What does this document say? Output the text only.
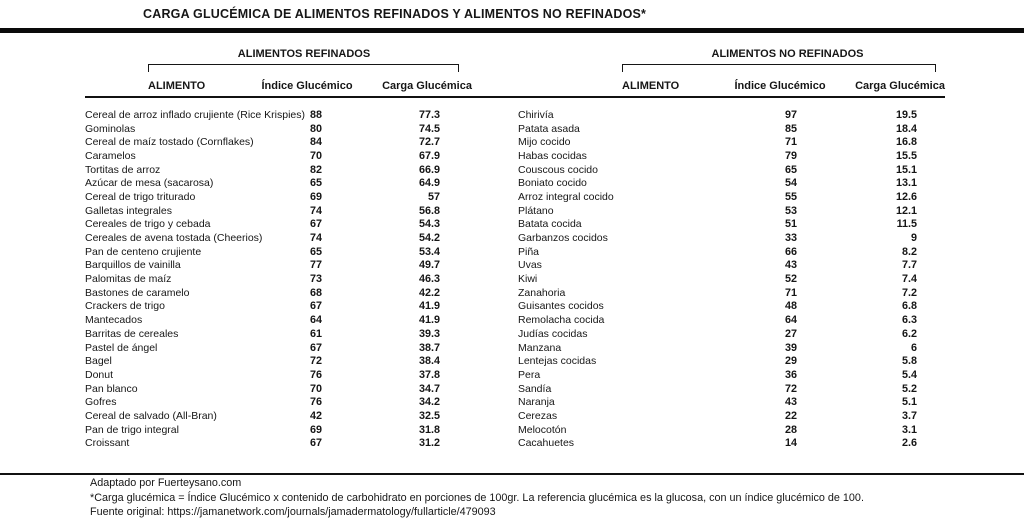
CARGA GLUCÉMICA DE ALIMENTOS REFINADOS Y ALIMENTOS NO REFINADOS*
ALIMENTOS REFINADOS	ALIMENTOS NO REFINADOS
ALIMENTO	Índice Glucémico	Carga Glucémica	ALIMENTO	Índice Glucémico	Carga Glucémica
Cereal de arroz inflado crujiente (Rice Krispies) 88	77.3
Gominolas	80	74.5
Cereal de maíz tostado (Cornflakes)	84	72.7
Caramelos	70	67.9
Tortitas de arroz	82	66.9
Azúcar de mesa (sacarosa)	65	64.9
Cereal de trigo triturado	69	57
Galletas integrales	74	56.8
Cereales de trigo y cebada	67	54.3
Cereales de avena tostada (Cheerios)	74	54.2
Pan de centeno crujiente	65	53.4
Barquillos de vainilla	77	49.7
Palomitas de maíz	73	46.3
Bastones de caramelo	68	42.2
Crackers de trigo	67	41.9
Mantecados	64	41.9
Barritas de cereales	61	39.3
Pastel de ángel	67	38.7
Bagel	72	38.4
Donut	76	37.8
Pan blanco	70	34.7
Gofres	76	34.2
Cereal de salvado (All-Bran)	42	32.5
Pan de trigo integral	69	31.8
Croissant	67	31.2
Chirivía	97	19.5
Patata asada	85	18.4
Mijo cocido	71	16.8
Habas cocidas	79	15.5
Couscous cocido	65	15.1
Boniato cocido	54	13.1
Arroz integral cocido	55	12.6
Plátano	53	12.1
Batata cocida	51	11.5
Garbanzos cocidos	33	9
Piña	66	8.2
Uvas	43	7.7
Kiwi	52	7.4
Zanahoria	71	7.2
Guisantes cocidos	48	6.8
Remolacha cocida	64	6.3
Judías cocidas	27	6.2
Manzana	39	6
Lentejas cocidas	29	5.8
Pera	36	5.4
Sandía	72	5.2
Naranja	43	5.1
Cerezas	22	3.7
Melocotón	28	3.1
Cacahuetes	14	2.6
Adaptado por Fuerteysano.com
*Carga glucémica = Índice Glucémico x contenido de carbohidrato en porciones de 100gr. La referencia glucémica es la glucosa, con un índice glucémico de 100.
Fuente original: https://jamanetwork.com/journals/jamadermatology/fullarticle/479093
